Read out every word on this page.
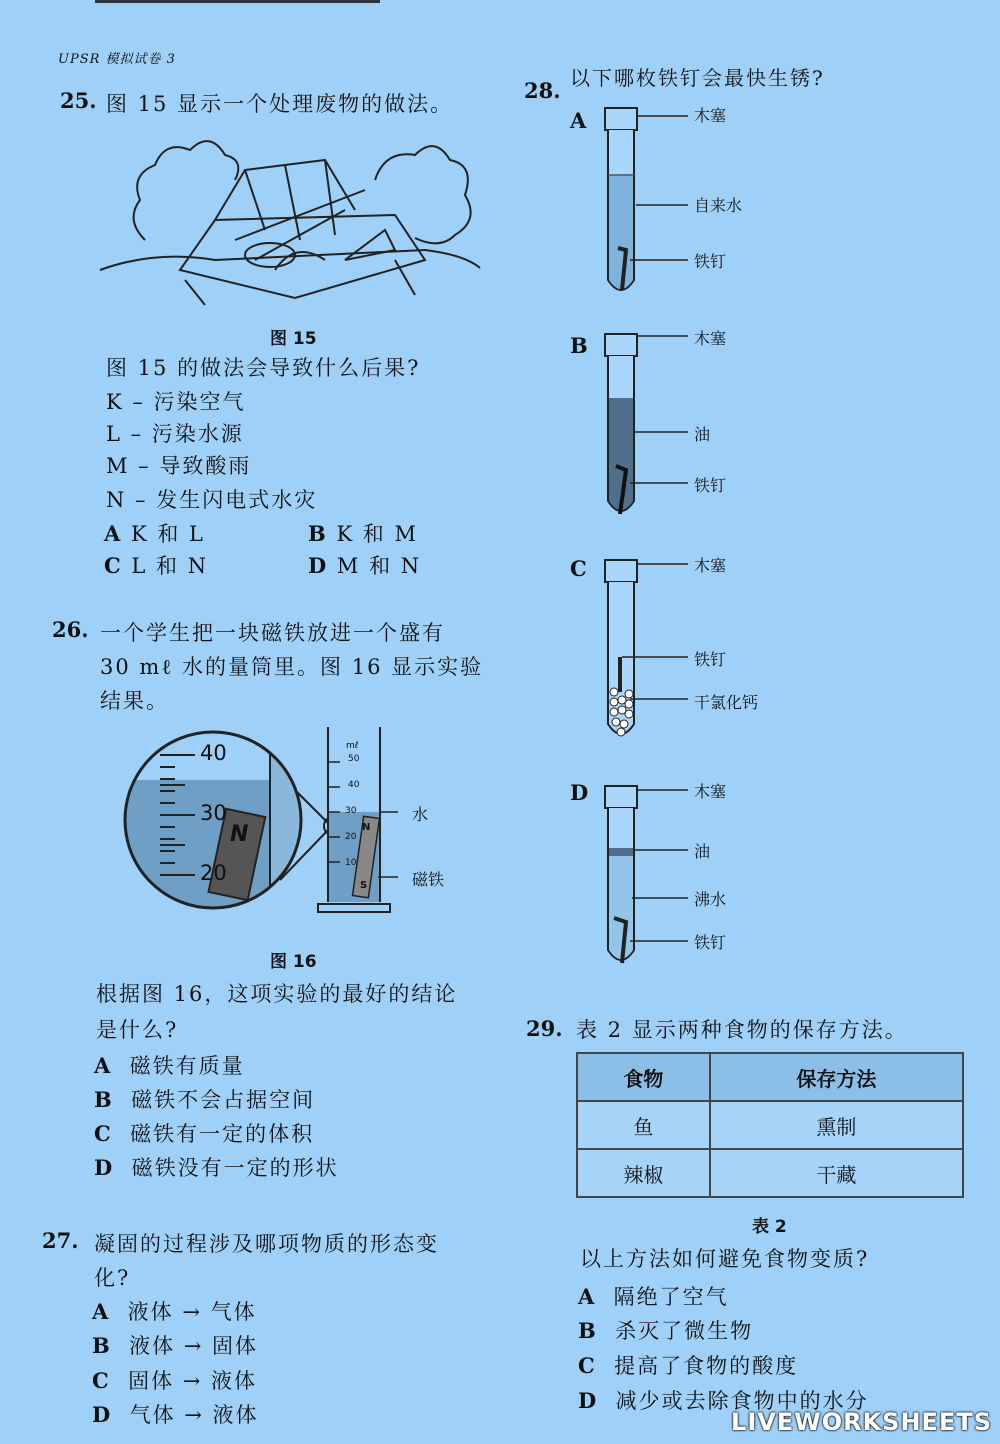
UPSR 模拟试卷 3
25. 图 15 显示一个处理废物的做法。
图 15
图 15 的做法会导致什么后果?
K – 污染空气
L – 污染水源
M – 导致酸雨
N – 发生闪电式水灾
A K 和 L	B K 和 M
C L 和 N	D M 和 N
26. 一个学生把一块磁铁放进一个盛有
30 mℓ 水的量筒里。图 16 显示实验
结果。
40
30
20
N
mℓ
50
40
30
20
10
N
S
水
磁铁
图 16
根据图 16，这项实验的最好的结论
是什么?
A 磁铁有质量
B 磁铁不会占据空间
C 磁铁有一定的体积
D 磁铁没有一定的形状
27. 凝固的过程涉及哪项物质的形态变
化?
A 液体 → 气体
B 液体 → 固体
C 固体 → 液体
D 气体 → 液体
28. 以下哪枚铁钉会最快生锈?
A	木塞
自来水
铁钉
B	木塞
油
铁钉
C	木塞
铁钉
干氯化钙
D	木塞
油
沸水
铁钉
29. 表 2 显示两种食物的保存方法。
食物	保存方法
鱼	熏制
辣椒	干藏
表 2
以上方法如何避免食物变质?
A 隔绝了空气
B 杀灭了微生物
C 提高了食物的酸度
D 减少或去除食物中的水分
LIVEWORKSHEETS
